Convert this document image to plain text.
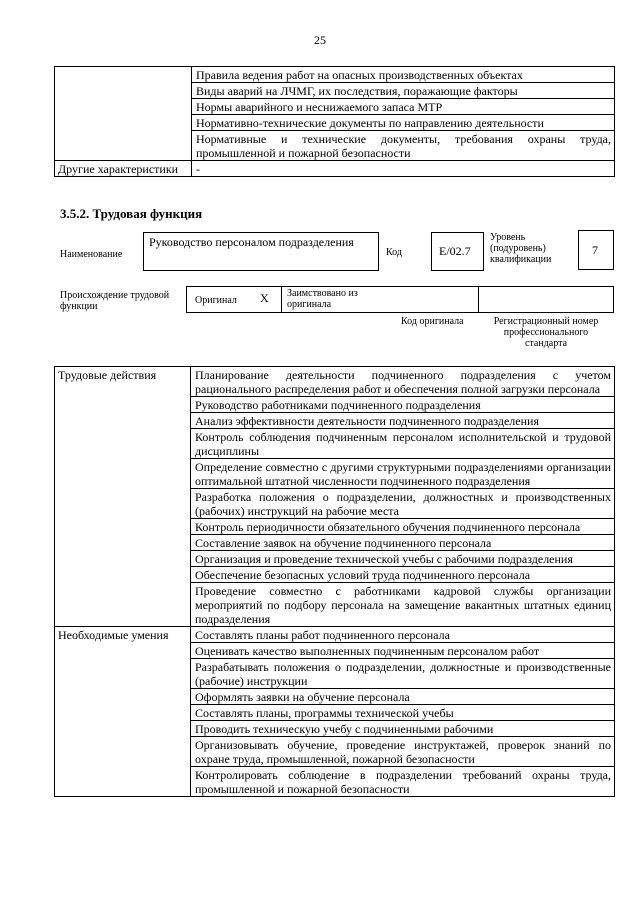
25
	Правила ведения работ на опасных производственных объектах
	Виды аварий на ЛЧМГ, их последствия, поражающие факторы
	Нормы аварийного и неснижаемого запаса МТР
	Нормативно-технические документы по направлению деятельности
	Нормативные и технические документы, требования охраны труда, промышленной и пожарной безопасности
Другие характеристики	-
3.5.2. Трудовая функция
Наименование
Руководство персоналом подразделения
Код	E/02.7
Уровень (подуровень) квалификации
7
Происхождение трудовой функции
Оригинал X Заимствовано из оригинала
Код оригинала	Регистрационный номер профессионального стандарта
Трудовые действия	Планирование деятельности подчиненного подразделения с учетом рационального распределения работ и обеспечения полной загрузки персонала
	Руководство работниками подчиненного подразделения
	Анализ эффективности деятельности подчиненного подразделения
	Контроль соблюдения подчиненным персоналом исполнительской и трудовой дисциплины
	Определение совместно с другими структурными подразделениями организации оптимальной штатной численности подчиненного подразделения
	Разработка положения о подразделении, должностных и производственных (рабочих) инструкций на рабочие места
	Контроль периодичности обязательного обучения подчиненного персонала
	Составление заявок на обучение подчиненного персонала
	Организация и проведение технической учебы с рабочими подразделения
	Обеспечение безопасных условий труда подчиненного персонала
	Проведение совместно с работниками кадровой службы организации мероприятий по подбору персонала на замещение вакантных штатных единиц подразделения
Необходимые умения	Составлять планы работ подчиненного персонала
	Оценивать качество выполненных подчиненным персоналом работ
	Разрабатывать положения о подразделении, должностные и производственные (рабочие) инструкции
	Оформлять заявки на обучение персонала
	Составлять планы, программы технической учебы
	Проводить техническую учебу с подчиненными рабочими
	Организовывать обучение, проведение инструктажей, проверок знаний по охране труда, промышленной, пожарной безопасности
	Контролировать соблюдение в подразделении требований охраны труда, промышленной и пожарной безопасности
